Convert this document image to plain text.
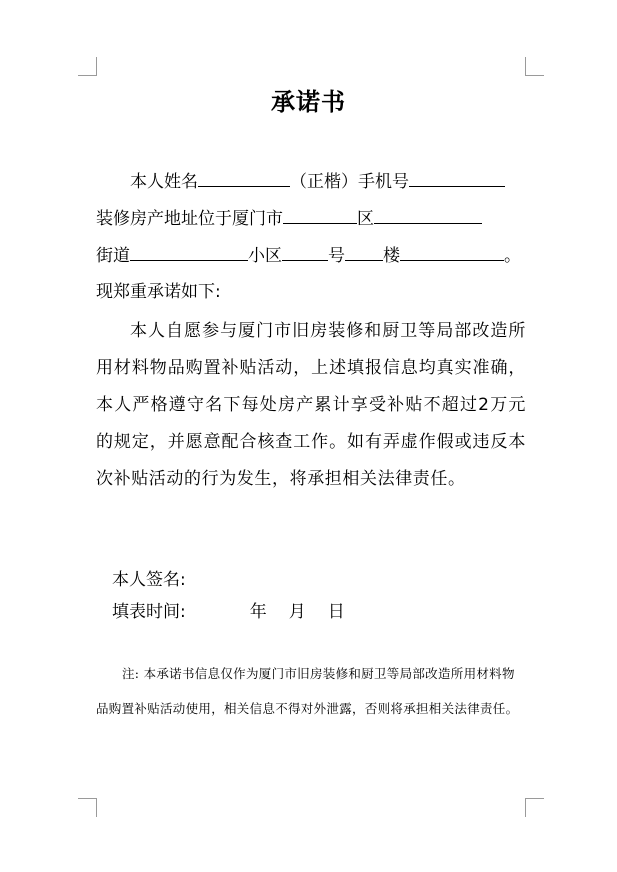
承诺书
本人姓名	（正楷）手机号
装修房产地址位于厦门市	区
街道	小区	号 楼	。
现郑重承诺如下:
本人自愿参与厦门市旧房装修和厨卫等局部改造所用材料物品购置补贴活动，上述填报信息均真实准确，本人严格遵守名下每处房产累计享受补贴不超过2万元的规定，并愿意配合核查工作。如有弄虚作假或违反本次补贴活动的行为发生，将承担相关法律责任。
本人签名:
填表时间:	年 月 日
注: 本承诺书信息仅作为厦门市旧房装修和厨卫等局部改造所用材料物品购置补贴活动使用，相关信息不得对外泄露，否则将承担相关法律责任。
